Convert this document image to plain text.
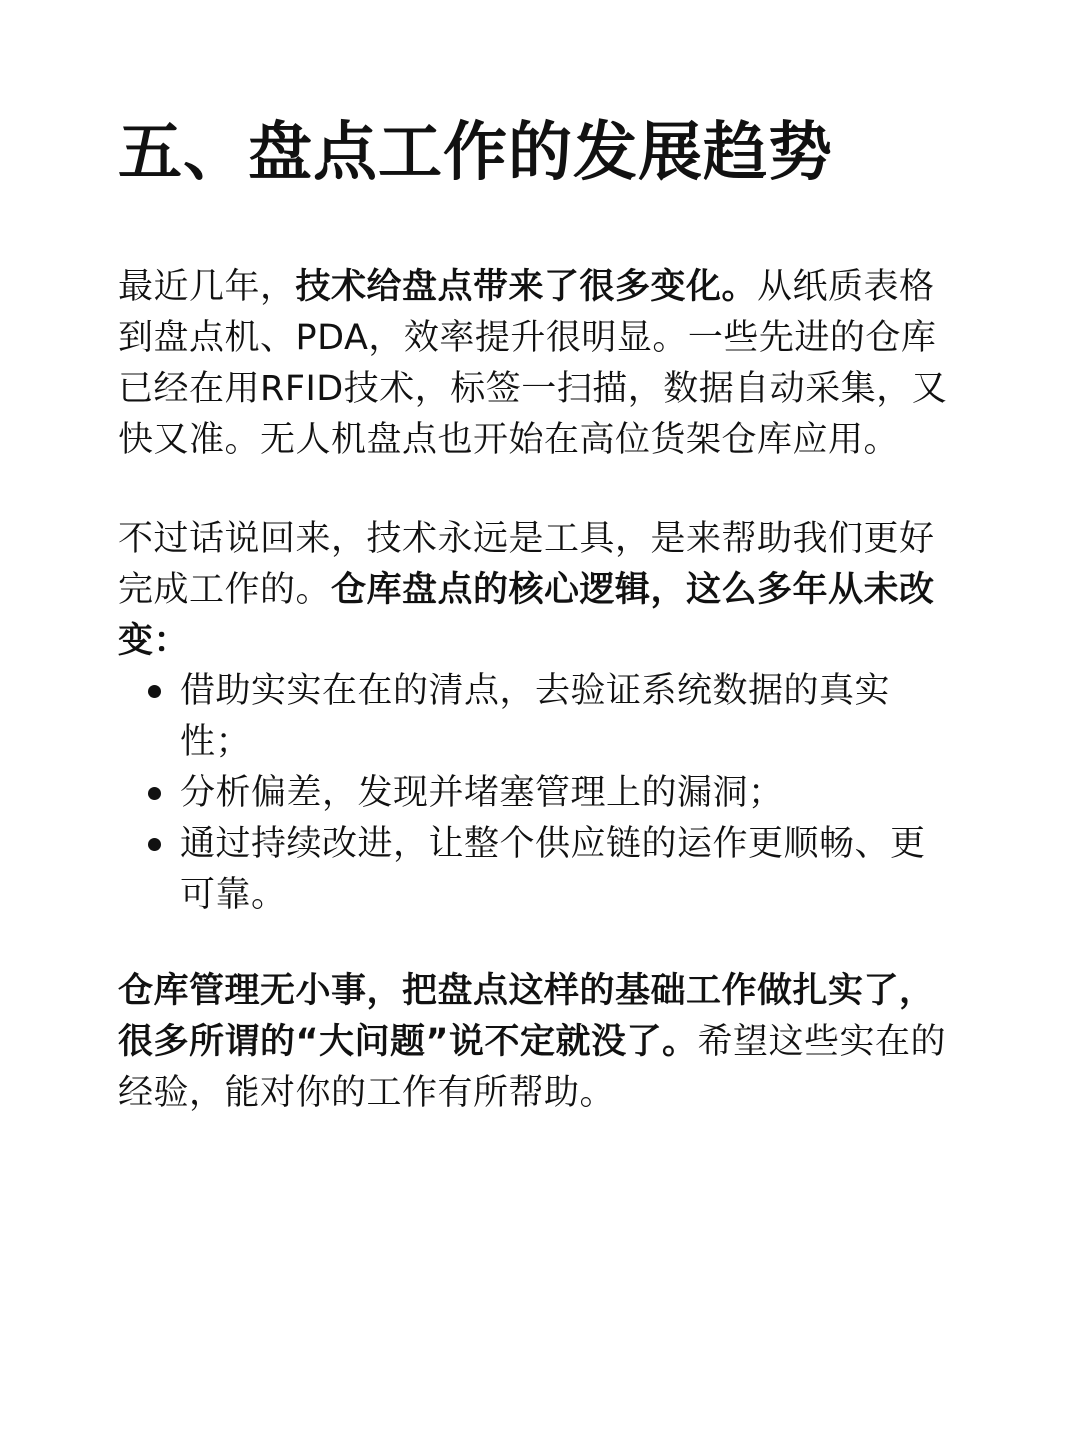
五、盘点工作的发展趋势

最近几年，技术给盘点带来了很多变化。从纸质表格到盘点机、PDA，效率提升很明显。一些先进的仓库已经在用RFID技术，标签一扫描，数据自动采集，又快又准。无人机盘点也开始在高位货架仓库应用。

不过话说回来，技术永远是工具，是来帮助我们更好完成工作的。仓库盘点的核心逻辑，这么多年从未改变：

借助实实在在的清点，去验证系统数据的真实性；
分析偏差，发现并堵塞管理上的漏洞；
通过持续改进，让整个供应链的运作更顺畅、更可靠。

仓库管理无小事，把盘点这样的基础工作做扎实了，很多所谓的“大问题”说不定就没了。希望这些实在的经验，能对你的工作有所帮助。
